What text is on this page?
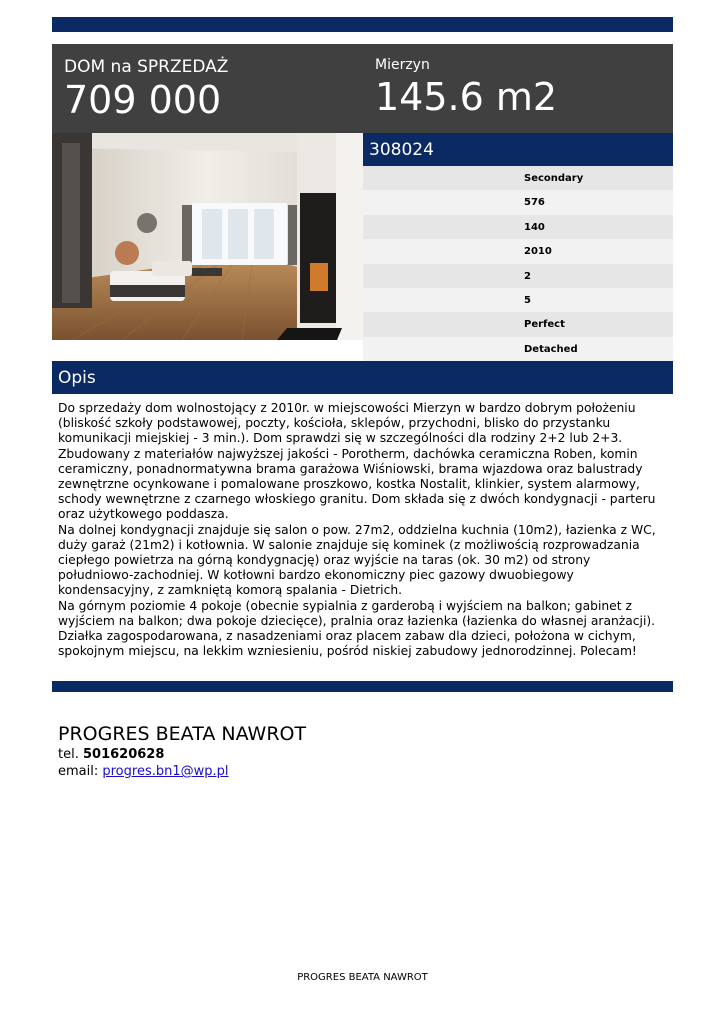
DOM na SPRZEDAŻ
709 000
Mierzyn
145.6 m2
308024
Secondary
576
140
2010
2
5
Perfect
Detached
Opis
Do sprzedaży dom wolnostojący z 2010r. w miejscowości Mierzyn w bardzo dobrym położeniu (bliskość szkoły podstawowej, poczty, kościoła, sklepów, przychodni, blisko do przystanku komunikacji miejskiej - 3 min.). Dom sprawdzi się w szczególności dla rodziny 2+2 lub 2+3. Zbudowany z materiałów najwyższej jakości - Porotherm, dachówka ceramiczna Roben, komin ceramiczny, ponadnormatywna brama garażowa Wiśniowski, brama wjazdowa oraz balustrady zewnętrzne ocynkowane i pomalowane proszkowo, kostka Nostalit, klinkier, system alarmowy, schody wewnętrzne z czarnego włoskiego granitu. Dom składa się z dwóch kondygnacji - parteru oraz użytkowego poddasza.
Na dolnej kondygnacji znajduje się salon o pow. 27m2, oddzielna kuchnia (10m2), łazienka z WC, duży garaż (21m2) i kotłownia. W salonie znajduje się kominek (z możliwością rozprowadzania ciepłego powietrza na górną kondygnację) oraz wyjście na taras (ok. 30 m2) od strony południowo-zachodniej. W kotłowni bardzo ekonomiczny piec gazowy dwuobiegowy kondensacyjny, z zamkniętą komorą spalania - Dietrich.
Na górnym poziomie 4 pokoje (obecnie sypialnia z garderobą i wyjściem na balkon; gabinet z wyjściem na balkon; dwa pokoje dziecięce), pralnia oraz łazienka (łazienka do własnej aranżacji). Działka zagospodarowana, z nasadzeniami oraz placem zabaw dla dzieci, położona w cichym, spokojnym miejscu, na lekkim wzniesieniu, pośród niskiej zabudowy jednorodzinnej. Polecam!
PROGRES BEATA NAWROT
tel. 501620628
email: progres.bn1@wp.pl
PROGRES BEATA NAWROT
